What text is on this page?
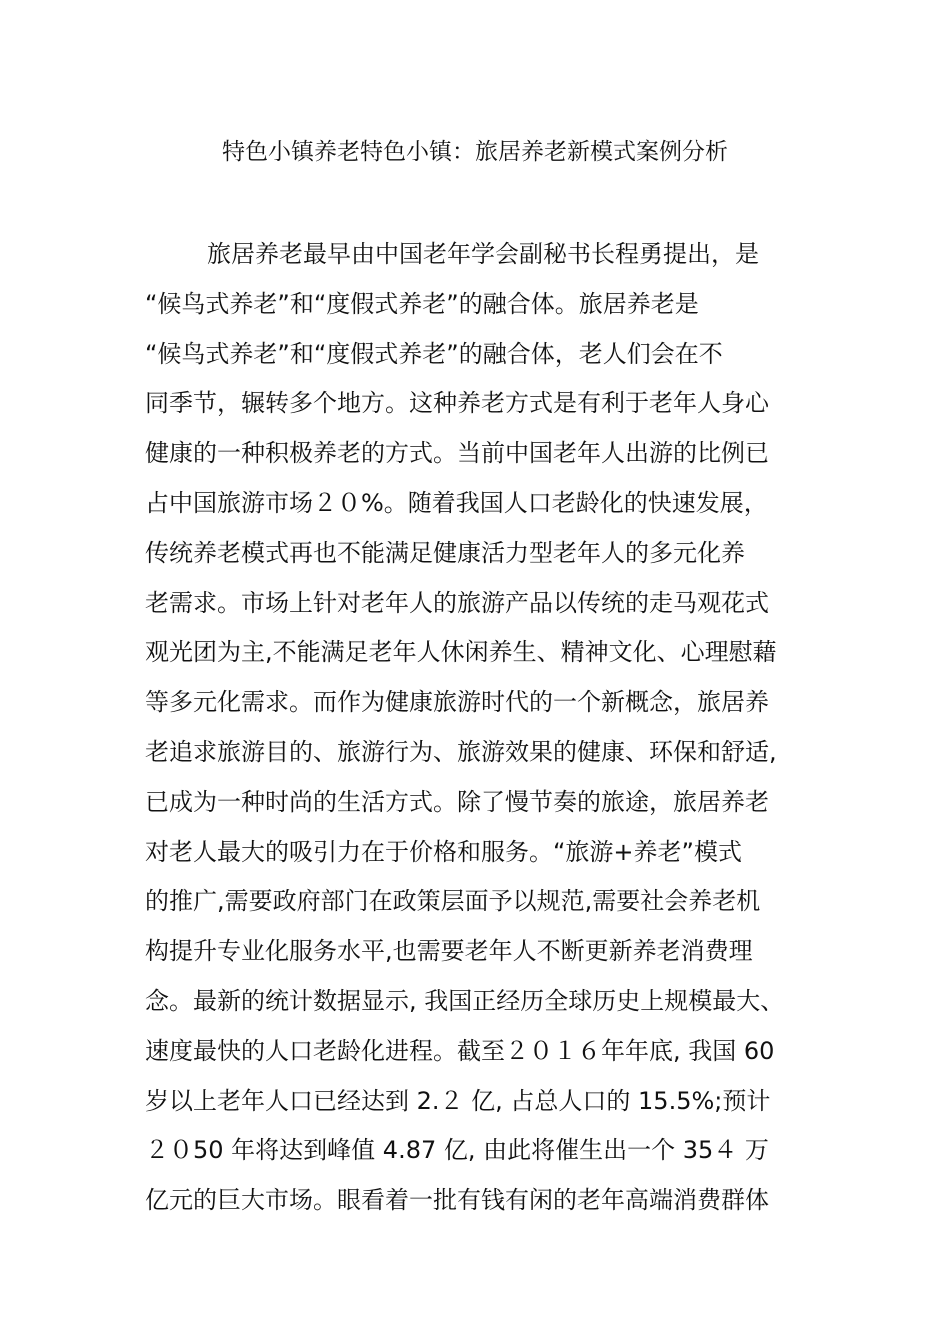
特色小镇养老特色小镇：旅居养老新模式案例分析
旅居养老最早由中国老年学会副秘书长程勇提出，是
“候鸟式养老”和“度假式养老”的融合体。旅居养老是
“候鸟式养老”和“度假式养老”的融合体，老人们会在不
同季节，辗转多个地方。这种养老方式是有利于老年人身心
健康的一种积极养老的方式。当前中国老年人出游的比例已
占中国旅游市场２０%。随着我国人口老龄化的快速发展，
传统养老模式再也不能满足健康活力型老年人的多元化养
老需求。市场上针对老年人的旅游产品以传统的走马观花式
观光团为主,不能满足老年人休闲养生、精神文化、心理慰藉
等多元化需求。而作为健康旅游时代的一个新概念，旅居养
老追求旅游目的、旅游行为、旅游效果的健康、环保和舒适,
已成为一种时尚的生活方式。除了慢节奏的旅途，旅居养老
对老人最大的吸引力在于价格和服务。“旅游+养老”模式
的推广,需要政府部门在政策层面予以规范,需要社会养老机
构提升专业化服务水平,也需要老年人不断更新养老消费理
念。最新的统计数据显示, 我国正经历全球历史上规模最大、
速度最快的人口老龄化进程。截至２０１６年年底, 我国 60
岁以上老年人口已经达到 2.２ 亿, 占总人口的 15.5%;预计
２０50 年将达到峰值 4.87 亿, 由此将催生出一个 35４ 万
亿元的巨大市场。眼看着一批有钱有闲的老年高端消费群体
